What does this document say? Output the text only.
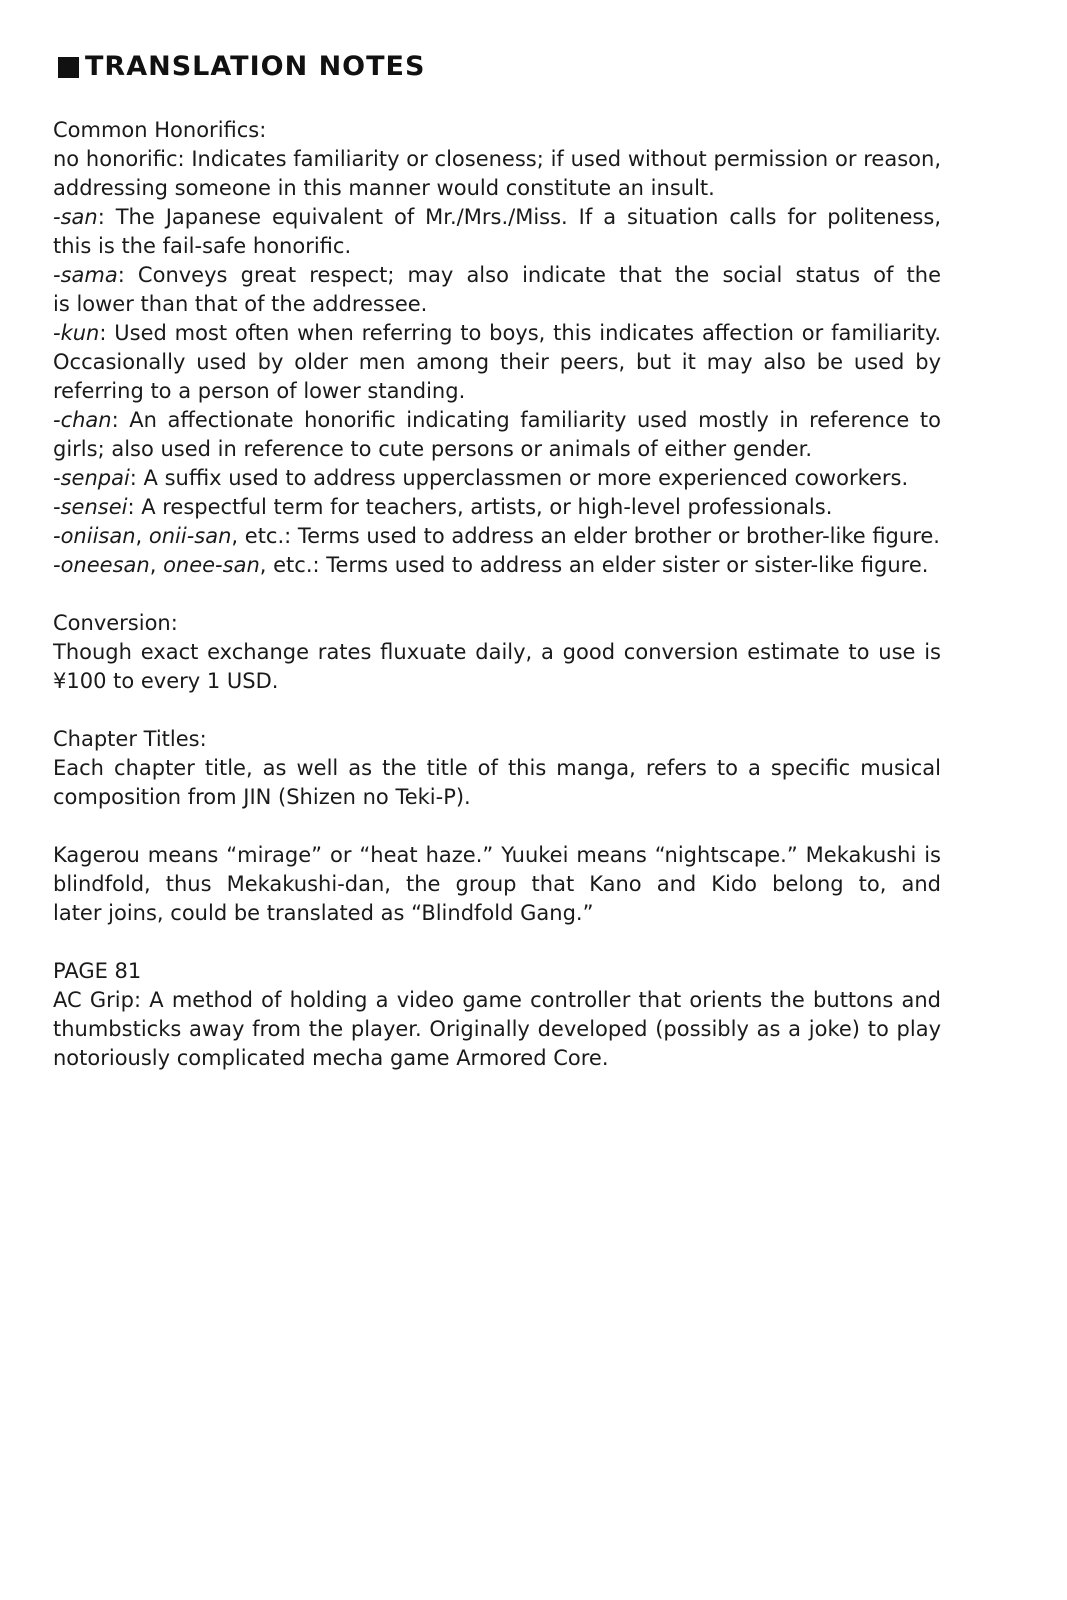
TRANSLATION NOTES
Common Honorifics:
no honorific: Indicates familiarity or closeness; if used without permission or reason,
addressing someone in this manner would constitute an insult.
-san: The Japanese equivalent of Mr./Mrs./Miss. If a situation calls for politeness,
this is the fail-safe honorific.
-sama: Conveys great respect; may also indicate that the social status of the
is lower than that of the addressee.
-kun: Used most often when referring to boys, this indicates affection or familiarity.
Occasionally used by older men among their peers, but it may also be used by
referring to a person of lower standing.
-chan: An affectionate honorific indicating familiarity used mostly in reference to
girls; also used in reference to cute persons or animals of either gender.
-senpai: A suffix used to address upperclassmen or more experienced coworkers.
-sensei: A respectful term for teachers, artists, or high-level professionals.
-oniisan, onii-san, etc.: Terms used to address an elder brother or brother-like figure.
-oneesan, onee-san, etc.: Terms used to address an elder sister or sister-like figure.
Conversion:
Though exact exchange rates fluxuate daily, a good conversion estimate to use is
¥100 to every 1 USD.
Chapter Titles:
Each chapter title, as well as the title of this manga, refers to a specific musical
composition from JIN (Shizen no Teki-P).
Kagerou means “mirage” or “heat haze.” Yuukei means “nightscape.” Mekakushi is
blindfold, thus Mekakushi-dan, the group that Kano and Kido belong to, and
later joins, could be translated as “Blindfold Gang.”
PAGE 81
AC Grip: A method of holding a video game controller that orients the buttons and
thumbsticks away from the player. Originally developed (possibly as a joke) to play
notoriously complicated mecha game Armored Core.
